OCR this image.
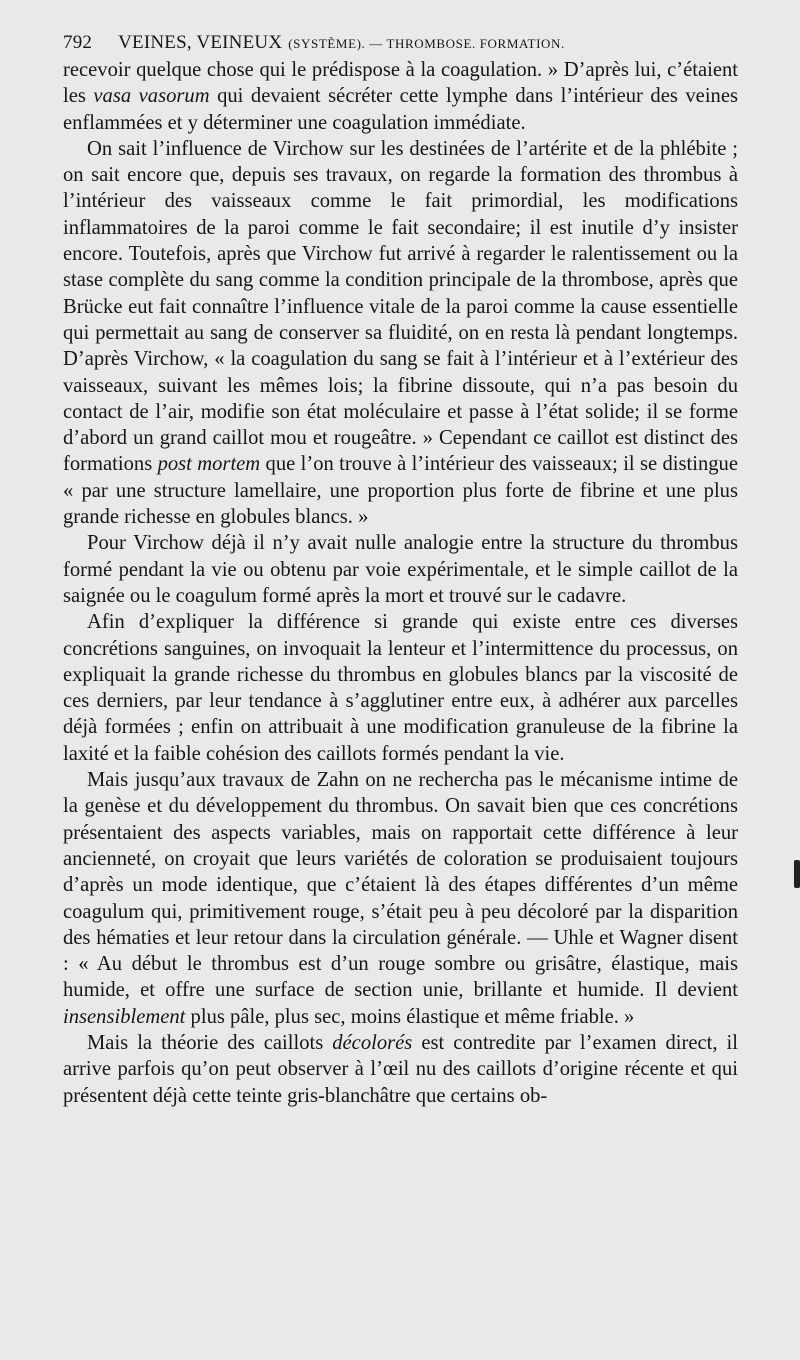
792 VEINES, VEINEUX (SYSTÈME). — THROMBOSE. FORMATION.

recevoir quelque chose qui le prédispose à la coagulation. » D’après lui, c’étaient les vasa vasorum qui devaient sécréter cette lymphe dans l’intérieur des veines enflammées et y déterminer une coagulation immédiate.

On sait l’influence de Virchow sur les destinées de l’artérite et de la phlébite ; on sait encore que, depuis ses travaux, on regarde la formation des thrombus à l’intérieur des vaisseaux comme le fait primordial, les modifications inflammatoires de la paroi comme le fait secondaire; il est inutile d’y insister encore. Toutefois, après que Virchow fut arrivé à regarder le ralentissement ou la stase complète du sang comme la condition principale de la thrombose, après que Brücke eut fait connaître l’influence vitale de la paroi comme la cause essentielle qui permettait au sang de conserver sa fluidité, on en resta là pendant longtemps. D’après Virchow, « la coagulation du sang se fait à l’intérieur et à l’extérieur des vaisseaux, suivant les mêmes lois; la fibrine dissoute, qui n’a pas besoin du contact de l’air, modifie son état moléculaire et passe à l’état solide; il se forme d’abord un grand caillot mou et rougeâtre. » Cependant ce caillot est distinct des formations post mortem que l’on trouve à l’intérieur des vaisseaux; il se distingue « par une structure lamellaire, une proportion plus forte de fibrine et une plus grande richesse en globules blancs. »

Pour Virchow déjà il n’y avait nulle analogie entre la structure du thrombus formé pendant la vie ou obtenu par voie expérimentale, et le simple caillot de la saignée ou le coagulum formé après la mort et trouvé sur le cadavre.

Afin d’expliquer la différence si grande qui existe entre ces diverses concrétions sanguines, on invoquait la lenteur et l’intermittence du processus, on expliquait la grande richesse du thrombus en globules blancs par la viscosité de ces derniers, par leur tendance à s’agglutiner entre eux, à adhérer aux parcelles déjà formées ; enfin on attribuait à une modification granuleuse de la fibrine la laxité et la faible cohésion des caillots formés pendant la vie.

Mais jusqu’aux travaux de Zahn on ne rechercha pas le mécanisme intime de la genèse et du développement du thrombus. On savait bien que ces concrétions présentaient des aspects variables, mais on rapportait cette différence à leur ancienneté, on croyait que leurs variétés de coloration se produisaient toujours d’après un mode identique, que c’étaient là des étapes différentes d’un même coagulum qui, primitivement rouge, s’était peu à peu décoloré par la disparition des hématies et leur retour dans la circulation générale. — Uhle et Wagner disent : « Au début le thrombus est d’un rouge sombre ou grisâtre, élastique, mais humide, et offre une surface de section unie, brillante et humide. Il devient insensiblement plus pâle, plus sec, moins élastique et même friable. »

Mais la théorie des caillots décolorés est contredite par l’examen direct, il arrive parfois qu’on peut observer à l’œil nu des caillots d’origine récente et qui présentent déjà cette teinte gris-blanchâtre que certains ob-
